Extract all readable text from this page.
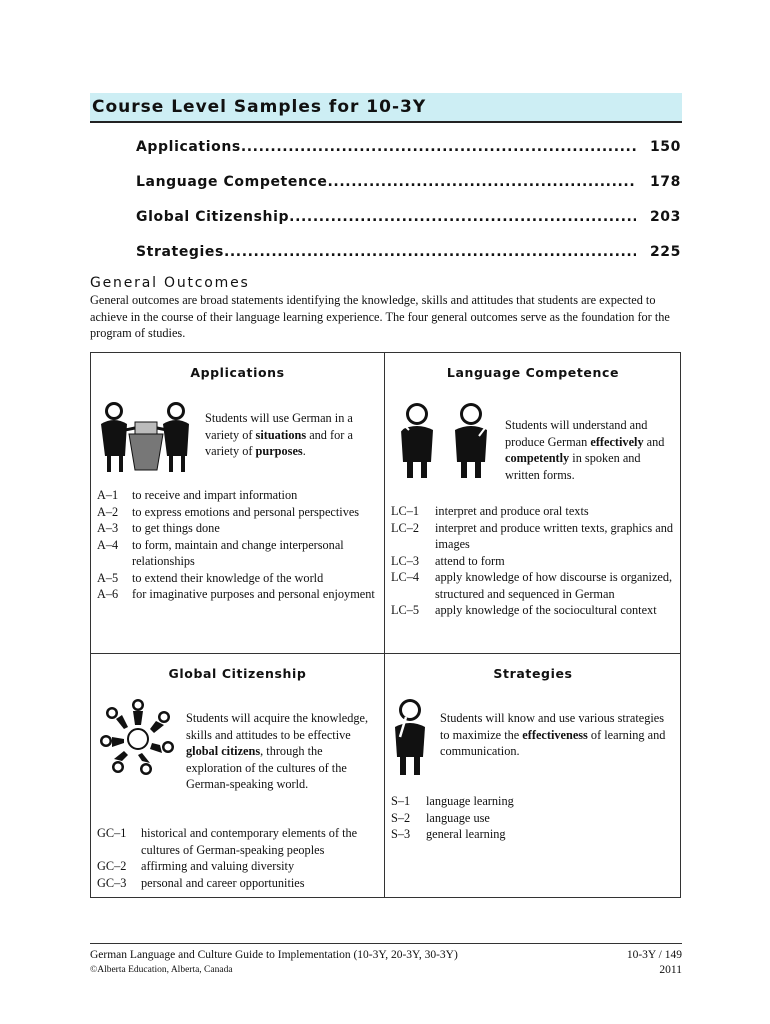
Course Level Samples for 10-3Y
Applications .....	150
Language Competence .....	178
Global Citizenship .....	203
Strategies .....	225
General Outcomes
General outcomes are broad statements identifying the knowledge, skills and attitudes that students are expected to achieve in the course of their language learning experience. The four general outcomes serve as the foundation for the program of studies.
Applications
Students will use German in a variety of situations and for a variety of purposes.
A–1	to receive and impart information
A–2	to express emotions and personal perspectives
A–3	to get things done
A–4	to form, maintain and change interpersonal relationships
A–5	to extend their knowledge of the world
A–6	for imaginative purposes and personal enjoyment
Language Competence
Students will understand and produce German effectively and competently in spoken and written forms.
LC–1	interpret and produce oral texts
LC–2	interpret and produce written texts, graphics and images
LC–3	attend to form
LC–4	apply knowledge of how discourse is organized, structured and sequenced in German
LC–5	apply knowledge of the sociocultural context
Global Citizenship
Students will acquire the knowledge, skills and attitudes to be effective global citizens, through the exploration of the cultures of the German-speaking world.
GC–1	historical and contemporary elements of the cultures of German-speaking peoples
GC–2	affirming and valuing diversity
GC–3	personal and career opportunities
Strategies
Students will know and use various strategies to maximize the effectiveness of learning and communication.
S–1	language learning
S–2	language use
S–3	general learning
German Language and Culture Guide to Implementation (10-3Y, 20-3Y, 30-3Y)
©Alberta Education, Alberta, Canada
10-3Y / 149
2011
